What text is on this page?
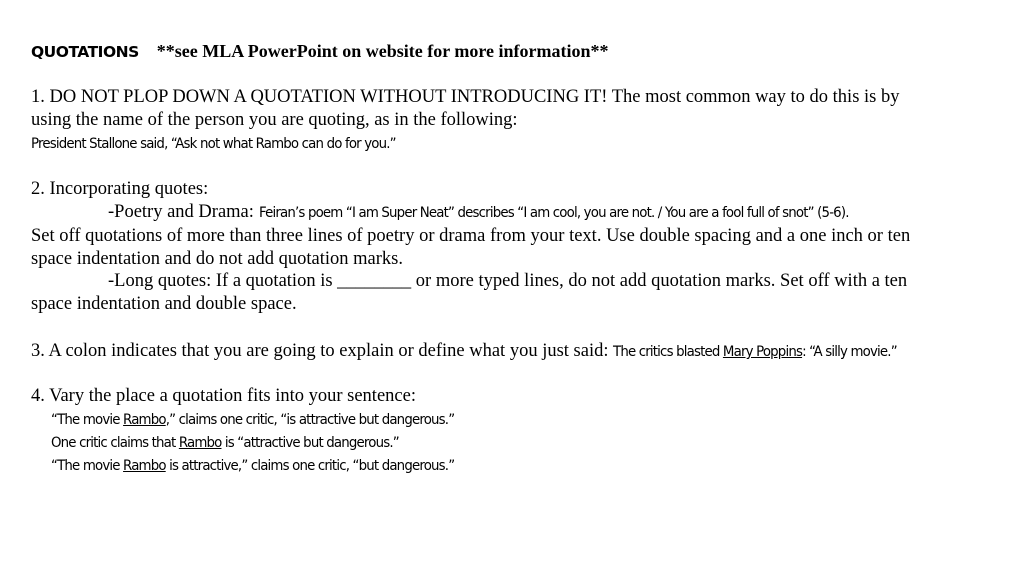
QUOTATIONS **see MLA PowerPoint on website for more information**

1. DO NOT PLOP DOWN A QUOTATION WITHOUT INTRODUCING IT! The most common way to do this is by

using the name of the person you are quoting, as in the following:

President Stallone said, “Ask not what Rambo can do for you.”

2. Incorporating quotes:

-Poetry and Drama: Feiran’s poem “I am Super Neat” describes “I am cool, you are not. / You are a fool full of snot” (5-6).

Set off quotations of more than three lines of poetry or drama from your text. Use double spacing and a one inch or ten

space indentation and do not add quotation marks.

-Long quotes: If a quotation is ________ or more typed lines, do not add quotation marks. Set off with a ten

space indentation and double space.

3. A colon indicates that you are going to explain or define what you just said: The critics blasted Mary Poppins: “A silly movie.”

4. Vary the place a quotation fits into your sentence:

“The movie Rambo,” claims one critic, “is attractive but dangerous.”

One critic claims that Rambo is “attractive but dangerous.”

“The movie Rambo is attractive,” claims one critic, “but dangerous.”
